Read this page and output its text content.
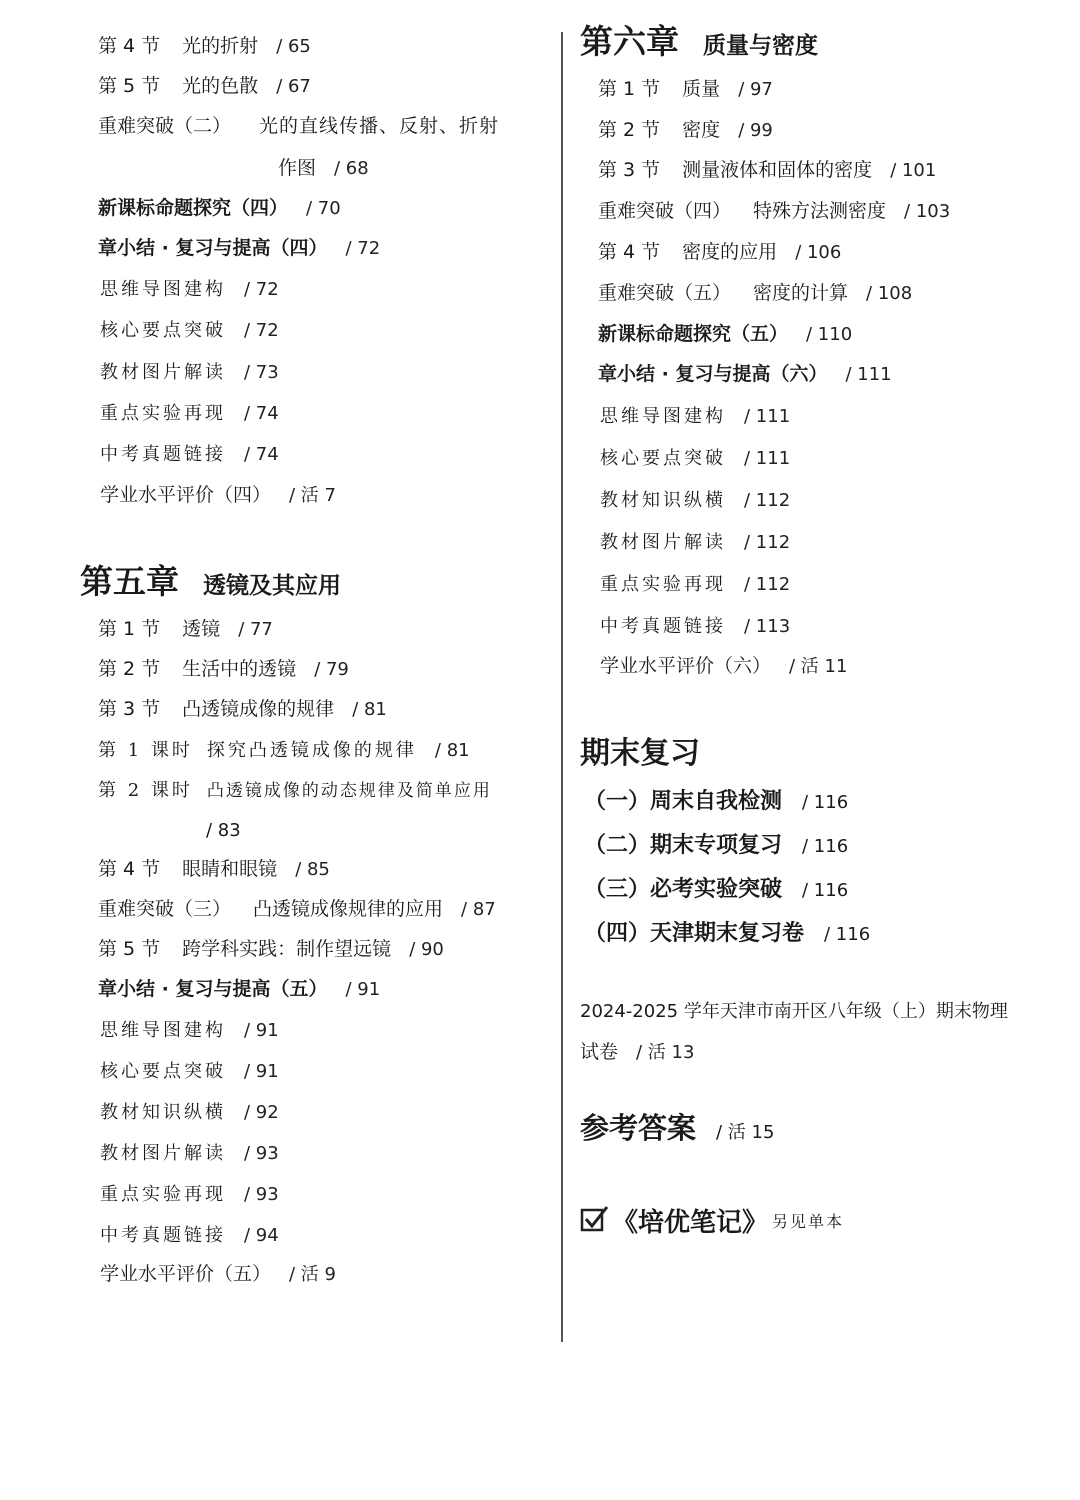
第 4 节 光的折射 / 65
第 5 节 光的色散 / 67
重难突破（二） 光的直线传播、反射、折射
作图 / 68
新课标命题探究（四） / 70
章小结 · 复习与提高（四） / 72
思维导图建构 / 72
核心要点突破 / 72
教材图片解读 / 73
重点实验再现 / 74
中考真题链接 / 74
学业水平评价（四） / 活 7
第五章 透镜及其应用
第 1 节 透镜 / 77
第 2 节 生活中的透镜 / 79
第 3 节 凸透镜成像的规律 / 81
第 1 课时 探究凸透镜成像的规律 / 81
第 2 课时 凸透镜成像的动态规律及简单应用
/ 83
第 4 节 眼睛和眼镜 / 85
重难突破（三） 凸透镜成像规律的应用 / 87
第 5 节 跨学科实践：制作望远镜 / 90
章小结 · 复习与提高（五） / 91
思维导图建构 / 91
核心要点突破 / 91
教材知识纵横 / 92
教材图片解读 / 93
重点实验再现 / 93
中考真题链接 / 94
学业水平评价（五） / 活 9
第六章 质量与密度
第 1 节 质量 / 97
第 2 节 密度 / 99
第 3 节 测量液体和固体的密度 / 101
重难突破（四） 特殊方法测密度 / 103
第 4 节 密度的应用 / 106
重难突破（五） 密度的计算 / 108
新课标命题探究（五） / 110
章小结 · 复习与提高（六） / 111
思维导图建构 / 111
核心要点突破 / 111
教材知识纵横 / 112
教材图片解读 / 112
重点实验再现 / 112
中考真题链接 / 113
学业水平评价（六） / 活 11
期末复习
（一）周末自我检测 / 116
（二）期末专项复习 / 116
（三）必考实验突破 / 116
（四）天津期末复习卷 / 116
2024-2025 学年天津市南开区八年级（上）期末物理
试卷 / 活 13
参考答案 / 活 15
《培优笔记》 另见单本
